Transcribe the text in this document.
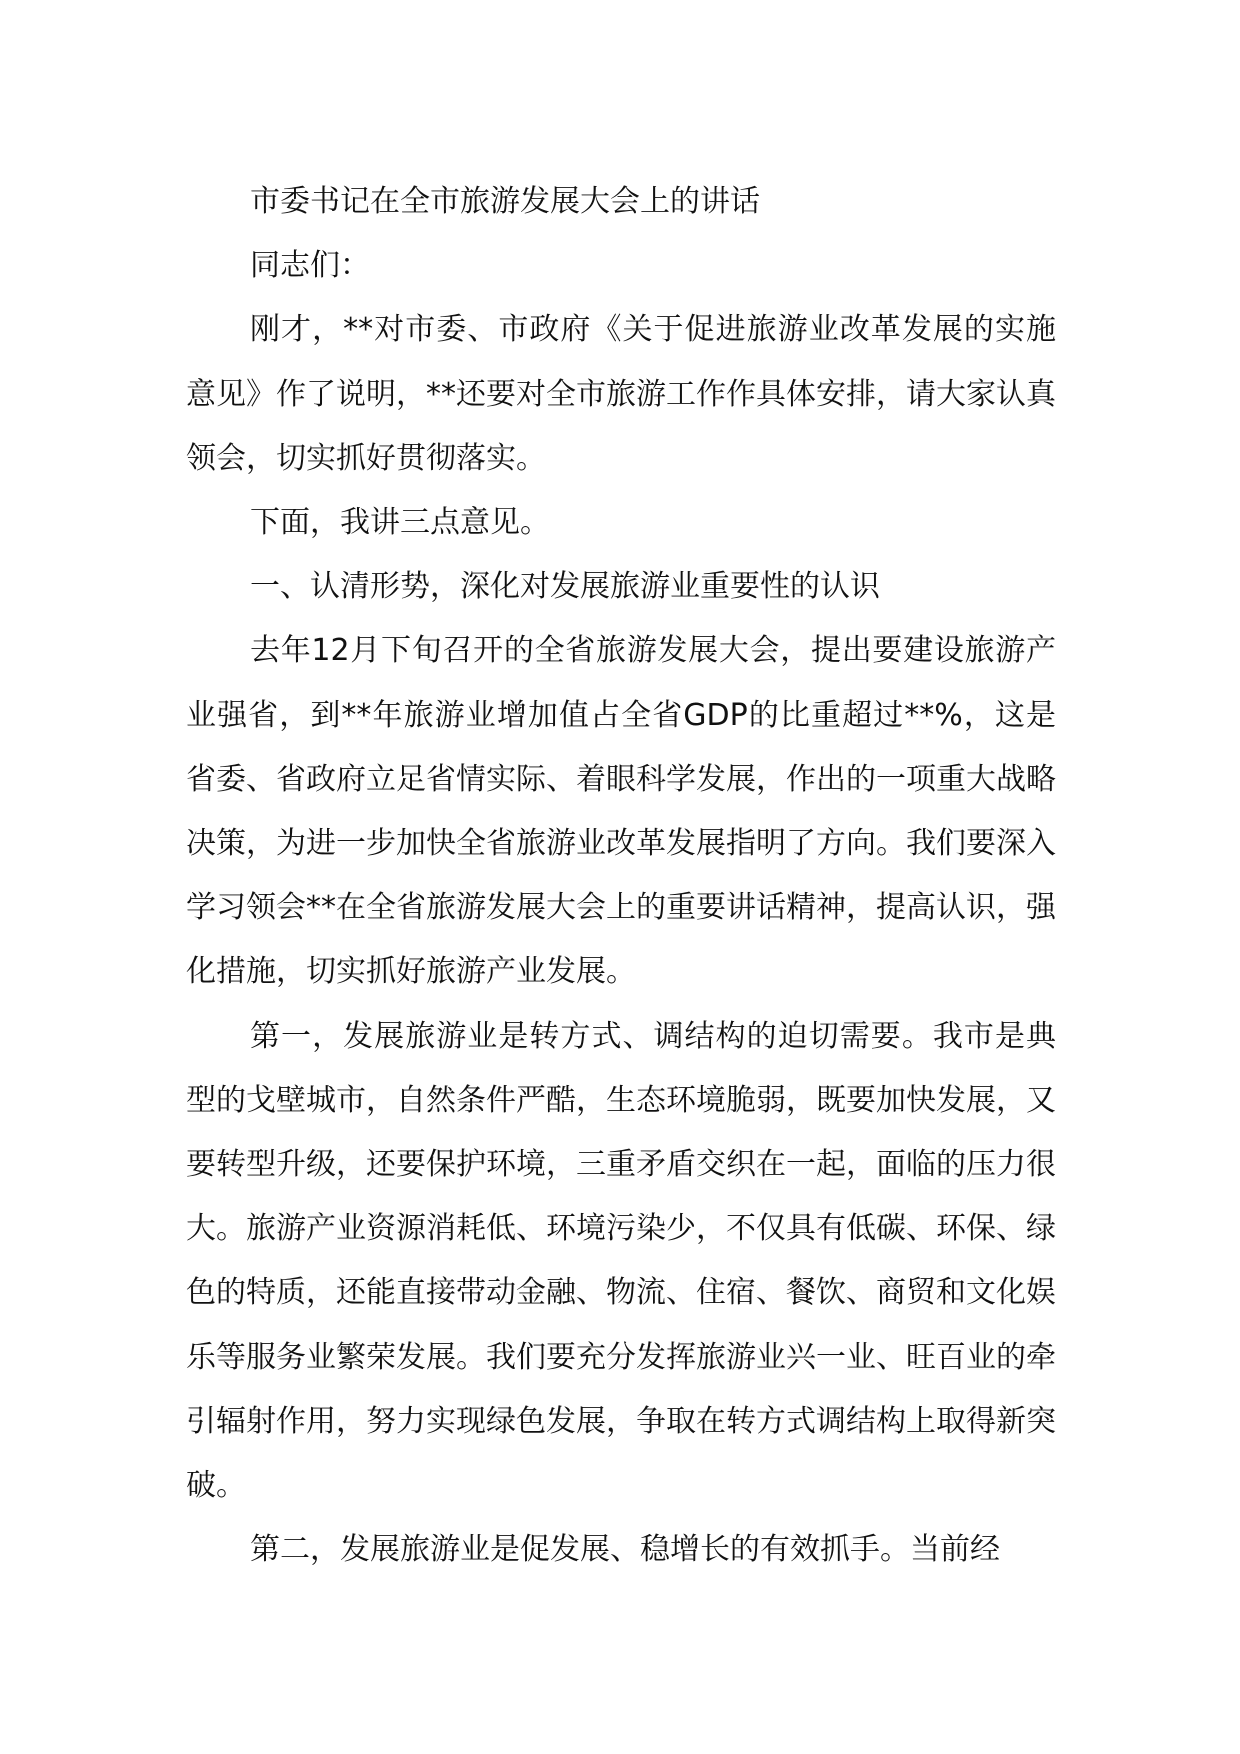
市委书记在全市旅游发展大会上的讲话

同志们：

刚才，**对市委、市政府《关于促进旅游业改革发展的实施意见》作了说明，**还要对全市旅游工作作具体安排，请大家认真领会，切实抓好贯彻落实。

下面，我讲三点意见。

一、认清形势，深化对发展旅游业重要性的认识

去年12月下旬召开的全省旅游发展大会，提出要建设旅游产业强省，到**年旅游业增加值占全省GDP的比重超过**%，这是省委、省政府立足省情实际、着眼科学发展，作出的一项重大战略决策，为进一步加快全省旅游业改革发展指明了方向。我们要深入学习领会**在全省旅游发展大会上的重要讲话精神，提高认识，强化措施，切实抓好旅游产业发展。

第一，发展旅游业是转方式、调结构的迫切需要。我市是典型的戈壁城市，自然条件严酷，生态环境脆弱，既要加快发展，又要转型升级，还要保护环境，三重矛盾交织在一起，面临的压力很大。旅游产业资源消耗低、环境污染少，不仅具有低碳、环保、绿色的特质，还能直接带动金融、物流、住宿、餐饮、商贸和文化娱乐等服务业繁荣发展。我们要充分发挥旅游业兴一业、旺百业的牵引辐射作用，努力实现绿色发展，争取在转方式调结构上取得新突破。

第二，发展旅游业是促发展、稳增长的有效抓手。当前经
